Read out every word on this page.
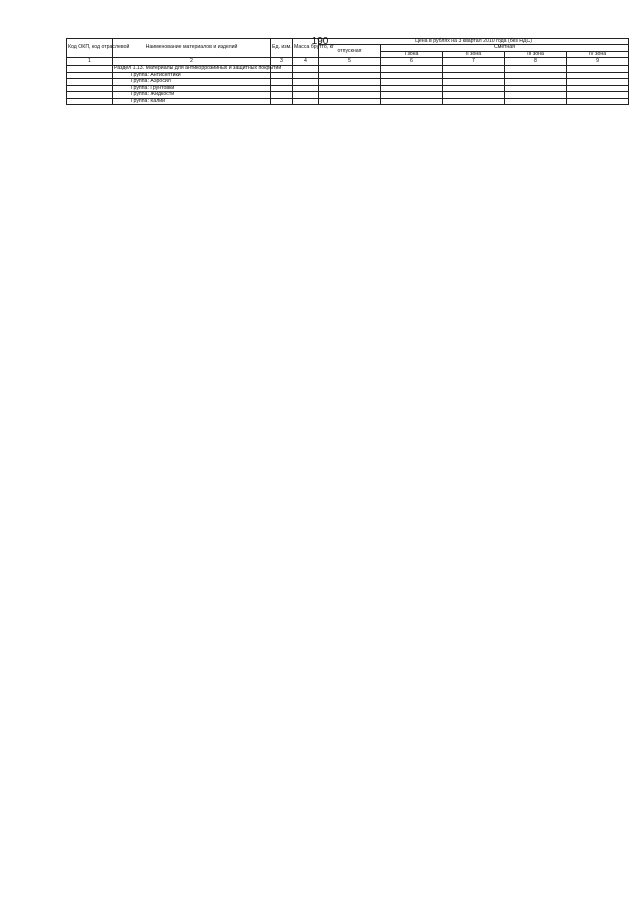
190
Код ОКП, код отраслевой	Наименование материалов и изделий	Ед. изм.	Масса брутто, кг	Цена в рублях на 3 квартал 2010 года (без НДС)				
				отпускная	Сметная			
					I зона	II зона	III зона	IV зона
1	2	3	4	5	6	7	8	9
	Раздел 1.13. Материалы для антикоррозийных и защитных покрытий							
	Группа: Антисептики							
	Группа: Аэросил							
	Группа: Грунтовки							
	Группа: Жидкости							
	Группа: Калий							
